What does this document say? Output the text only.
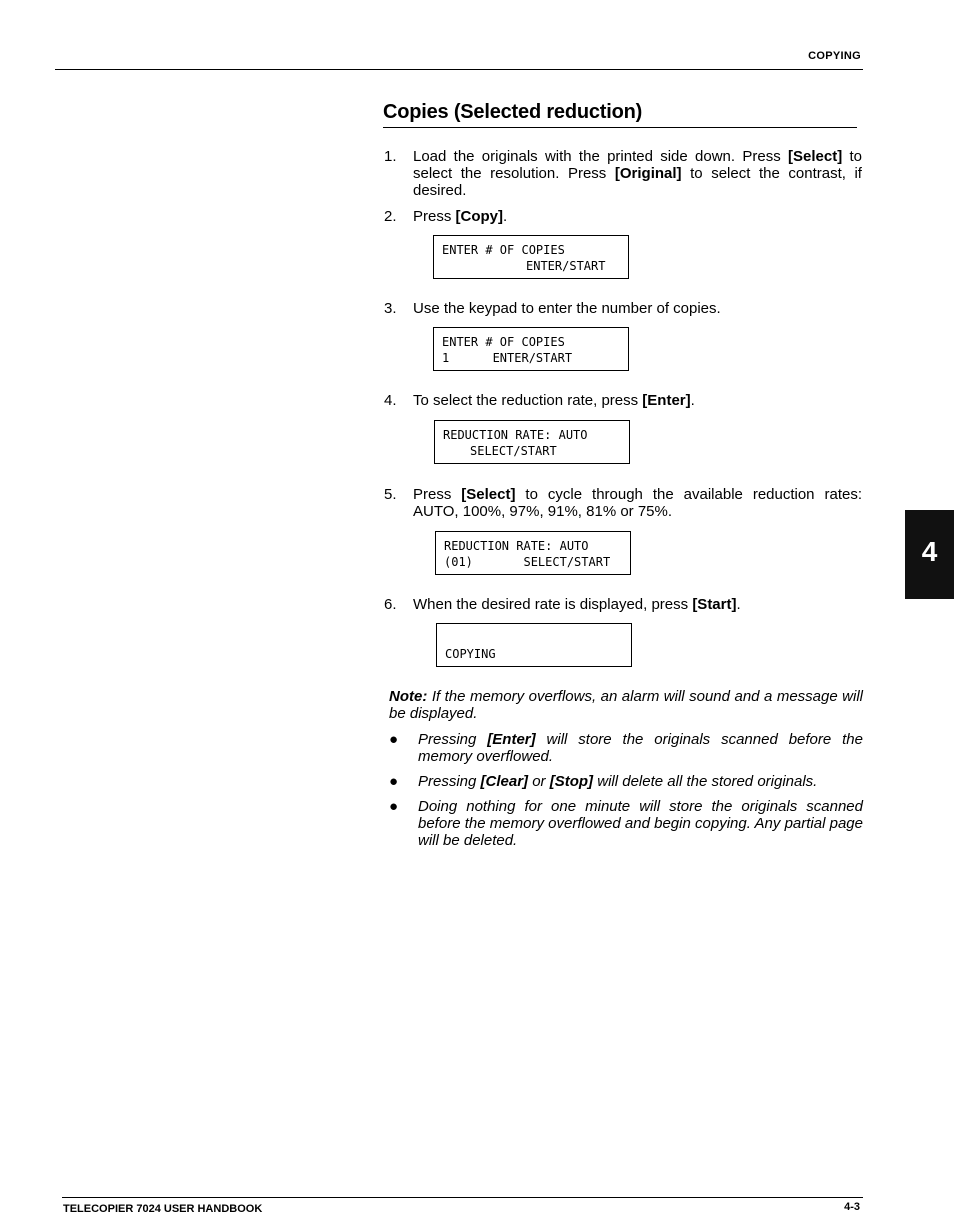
COPYING
Copies (Selected reduction)
1. Load the originals with the printed side down. Press [Select] to select the resolution. Press [Original] to select the contrast, if desired.
2. Press [Copy].
ENTER # OF COPIES
ENTER/START
3. Use the keypad to enter the number of copies.
ENTER # OF COPIES
1      ENTER/START
4. To select the reduction rate, press [Enter].
REDUCTION RATE: AUTO
SELECT/START
5. Press [Select] to cycle through the available reduction rates: AUTO, 100%, 97%, 91%, 81% or 75%.
REDUCTION RATE: AUTO
(01)       SELECT/START
6. When the desired rate is displayed, press [Start].
COPYING
Note: If the memory overflows, an alarm will sound and a message will be displayed.
● Pressing [Enter] will store the originals scanned before the memory overflowed.
● Pressing [Clear] or [Stop] will delete all the stored originals.
● Doing nothing for one minute will store the originals scanned before the memory overflowed and begin copying. Any partial page will be deleted.
4
TELECOPIER 7024 USER HANDBOOK	4-3
